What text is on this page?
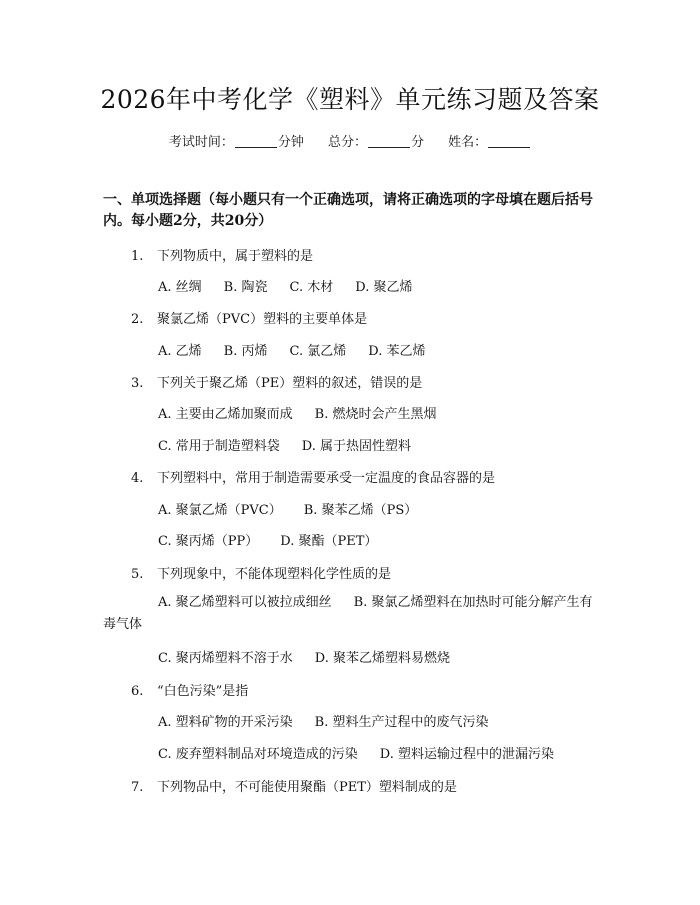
2026年中考化学《塑料》单元练习题及答案
考试时间：	分钟 总分：	分 姓名：
一、单项选择题（每小题只有一个正确选项，请将正确选项的字母填在题后括号内。每小题2分，共20分）
1. 下列物质中，属于塑料的是
A. 丝绸 B. 陶瓷 C. 木材 D. 聚乙烯
2. 聚氯乙烯（PVC）塑料的主要单体是
A. 乙烯 B. 丙烯 C. 氯乙烯 D. 苯乙烯
3. 下列关于聚乙烯（PE）塑料的叙述，错误的是
A. 主要由乙烯加聚而成 B. 燃烧时会产生黑烟
C. 常用于制造塑料袋 D. 属于热固性塑料
4. 下列塑料中，常用于制造需要承受一定温度的食品容器的是
A. 聚氯乙烯（PVC） B. 聚苯乙烯（PS）
C. 聚丙烯（PP） D. 聚酯（PET）
5. 下列现象中，不能体现塑料化学性质的是
A. 聚乙烯塑料可以被拉成细丝 B. 聚氯乙烯塑料在加热时可能分解产生有毒气体
C. 聚丙烯塑料不溶于水 D. 聚苯乙烯塑料易燃烧
6. “白色污染”是指
A. 塑料矿物的开采污染 B. 塑料生产过程中的废气污染
C. 废弃塑料制品对环境造成的污染 D. 塑料运输过程中的泄漏污染
7. 下列物品中，不可能使用聚酯（PET）塑料制成的是
